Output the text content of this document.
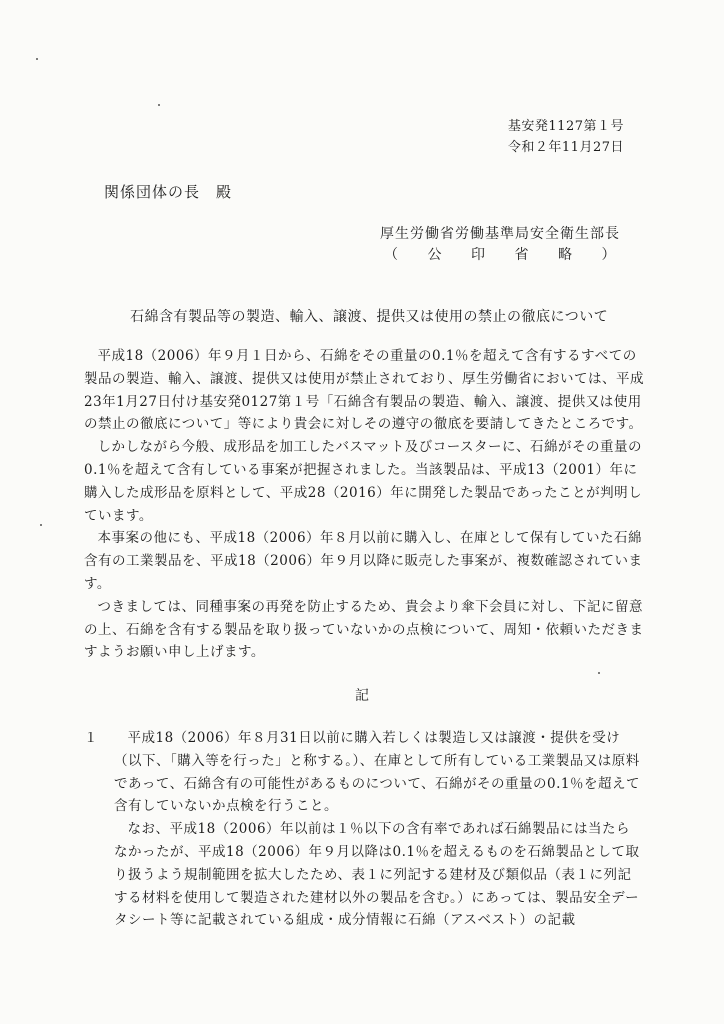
基安発1127第１号
令和２年11月27日
関係団体の長　殿
厚生労働省労働基準局安全衛生部長
（　　公　　印　　省　　略　　）
石綿含有製品等の製造、輸入、譲渡、提供又は使用の禁止の徹底について

平成18（2006）年９月１日から、石綿をその重量の0.1％を超えて含有するすべての製品の製造、輸入、譲渡、提供又は使用が禁止されており、厚生労働省においては、平成23年1月27日付け基安発0127第１号「石綿含有製品の製造、輸入、譲渡、提供又は使用の禁止の徹底について」等により貴会に対しその遵守の徹底を要請してきたところです。

しかしながら今般、成形品を加工したバスマット及びコースターに、石綿がその重量の0.1％を超えて含有している事案が把握されました。当該製品は、平成13（2001）年に購入した成形品を原料として、平成28（2016）年に開発した製品であったことが判明しています。

本事案の他にも、平成18（2006）年８月以前に購入し、在庫として保有していた石綿含有の工業製品を、平成18（2006）年９月以降に販売した事案が、複数確認されています。

つきましては、同種事案の再発を防止するため、貴会より傘下会員に対し、下記に留意の上、石綿を含有する製品を取り扱っていないかの点検について、周知・依頼いただきますようお願い申し上げます。

記
１	平成18（2006）年８月31日以前に購入若しくは製造し又は譲渡・提供を受け（以下、「購入等を行った」と称する。）、在庫として所有している工業製品又は原料であって、石綿含有の可能性があるものについて、石綿がその重量の0.1％を超えて含有していないか点検を行うこと。

なお、平成18（2006）年以前は１％以下の含有率であれば石綿製品には当たらなかったが、平成18（2006）年９月以降は0.1％を超えるものを石綿製品として取り扱うよう規制範囲を拡大したため、表１に列記する建材及び類似品（表１に列記する材料を使用して製造された建材以外の製品を含む。）にあっては、製品安全データシート等に記載されている組成・成分情報に石綿（アスベスト）の記載
